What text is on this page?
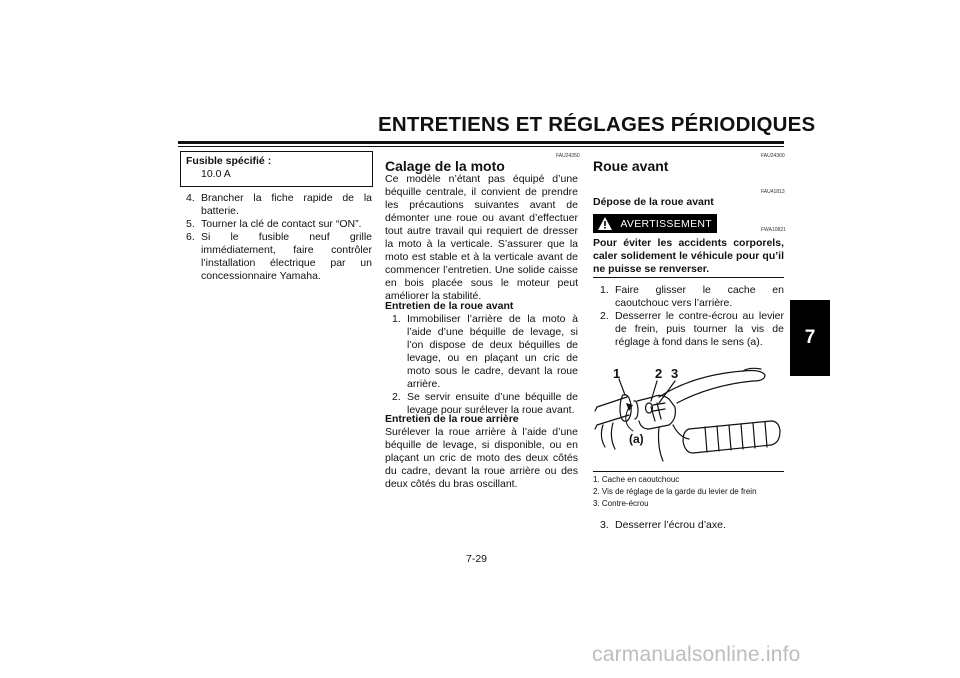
ENTRETIENS ET RÉGLAGES PÉRIODIQUES
7
Fusible spécifié :
10.0 A
4. Brancher la fiche rapide de la batterie.
5. Tourner la clé de contact sur “ON”.
6. Si le fusible neuf grille immédiatement, faire contrôler l’installation électrique par un concessionnaire Yamaha.
FAU24350
Calage de la moto
Ce modèle n’étant pas équipé d’une béquille centrale, il convient de prendre les précautions suivantes avant de démonter une roue ou avant d’effectuer tout autre travail qui requiert de dresser la moto à la verticale. S’assurer que la moto est stable et à la verticale avant de commencer l’entretien. Une solide caisse en bois placée sous le moteur peut améliorer la stabilité.
Entretien de la roue avant
1. Immobiliser l’arrière de la moto à l’aide d’une béquille de levage, si l’on dispose de deux béquilles de levage, ou en plaçant un cric de moto sous le cadre, devant la roue arrière.
2. Se servir ensuite d’une béquille de levage pour surélever la roue avant.
Entretien de la roue arrière
Surélever la roue arrière à l’aide d’une béquille de levage, si disponible, ou en plaçant un cric de moto des deux côtés du cadre, devant la roue arrière ou des deux côtés du bras oscillant.
FAU24360
Roue avant
FAU41813
Dépose de la roue avant
AVERTISSEMENT
FWA10821
Pour éviter les accidents corporels, caler solidement le véhicule pour qu’il ne puisse se renverser.
1. Faire glisser le cache en caoutchouc vers l’arrière.
2. Desserrer le contre-écrou au levier de frein, puis tourner la vis de réglage à fond dans le sens (a).
1	2 3
(a)
1. Cache en caoutchouc
2. Vis de réglage de la garde du levier de frein
3. Contre-écrou
3. Desserrer l’écrou d’axe.
7-29
carmanualsonline.info
